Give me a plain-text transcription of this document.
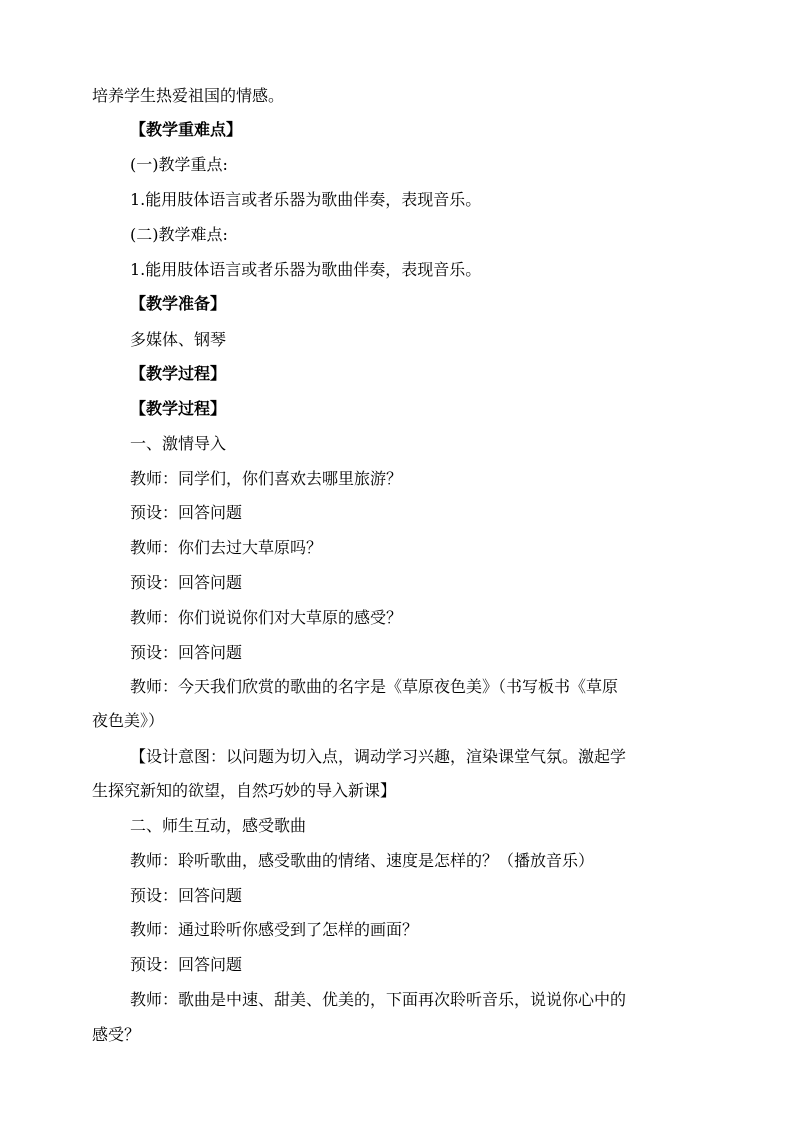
培养学生热爱祖国的情感。
【教学重难点】
(一)教学重点:
1.能用肢体语言或者乐器为歌曲伴奏，表现音乐。
(二)教学难点:
1.能用肢体语言或者乐器为歌曲伴奏，表现音乐。
【教学准备】
多媒体、钢琴
【教学过程】
【教学过程】
一、激情导入
教师：同学们，你们喜欢去哪里旅游？
预设：回答问题
教师：你们去过大草原吗？
预设：回答问题
教师：你们说说你们对大草原的感受？
预设：回答问题
教师：今天我们欣赏的歌曲的名字是《草原夜色美》（书写板书《草原
夜色美》）
【设计意图：以问题为切入点，调动学习兴趣，渲染课堂气氛。激起学
生探究新知的欲望，自然巧妙的导入新课】
二、师生互动，感受歌曲
教师：聆听歌曲，感受歌曲的情绪、速度是怎样的？（播放音乐）
预设：回答问题
教师：通过聆听你感受到了怎样的画面？
预设：回答问题
教师：歌曲是中速、甜美、优美的，下面再次聆听音乐，说说你心中的
感受？
